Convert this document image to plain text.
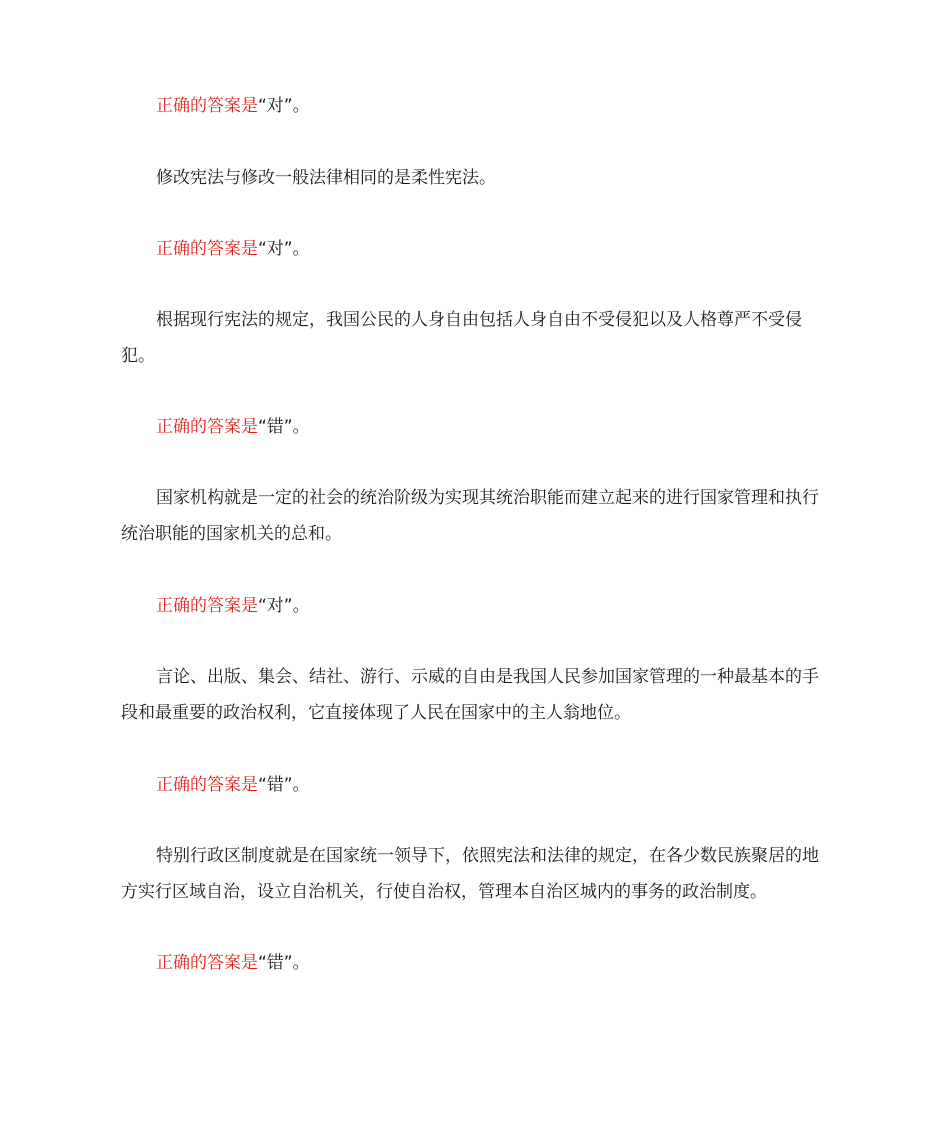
正确的答案是“对”。

修改宪法与修改一般法律相同的是柔性宪法。

正确的答案是“对”。

根据现行宪法的规定，我国公民的人身自由包括人身自由不受侵犯以及人格尊严不受侵犯。

正确的答案是“错”。

国家机构就是一定的社会的统治阶级为实现其统治职能而建立起来的进行国家管理和执行统治职能的国家机关的总和。

正确的答案是“对”。

言论、出版、集会、结社、游行、示威的自由是我国人民参加国家管理的一种最基本的手段和最重要的政治权利，它直接体现了人民在国家中的主人翁地位。

正确的答案是“错”。

特别行政区制度就是在国家统一领导下，依照宪法和法律的规定，在各少数民族聚居的地方实行区域自治，设立自治机关，行使自治权，管理本自治区城内的事务的政治制度。

正确的答案是“错”。
